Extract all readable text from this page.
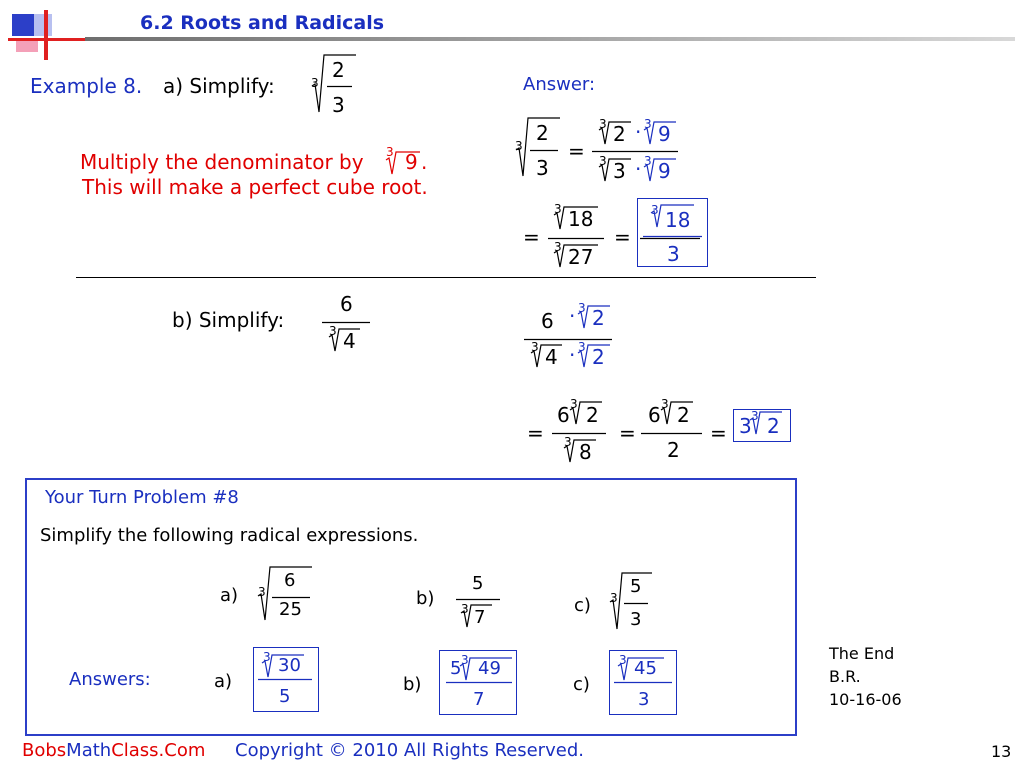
6.2 Roots and Radicals
Example 8. a) Simplify:	3
2
3
Multiply the denominator by 3 9 .
This will make a perfect cube root.
Answer:
3
2
3
=
3 2 · 3 9
3 3 · 3 9
=
3 18
3 27
=
3 18
3
b) Simplify:
6
3 4
6 · 3 2
3 4 · 3 2
=
6 3 2
3 8
=
6 3 2
2
= 3 3 2
Your Turn Problem #8
Simplify the following radical expressions.
a) 3
6
25
b)
5
3 7
c) 3
5
3
Answers:	a)
3 30
5
b)
5 3 49
7
c)
3 45
3
The End
B.R.
10-16-06
BobsMathClass.Com Copyright © 2010 All Rights Reserved.	13
